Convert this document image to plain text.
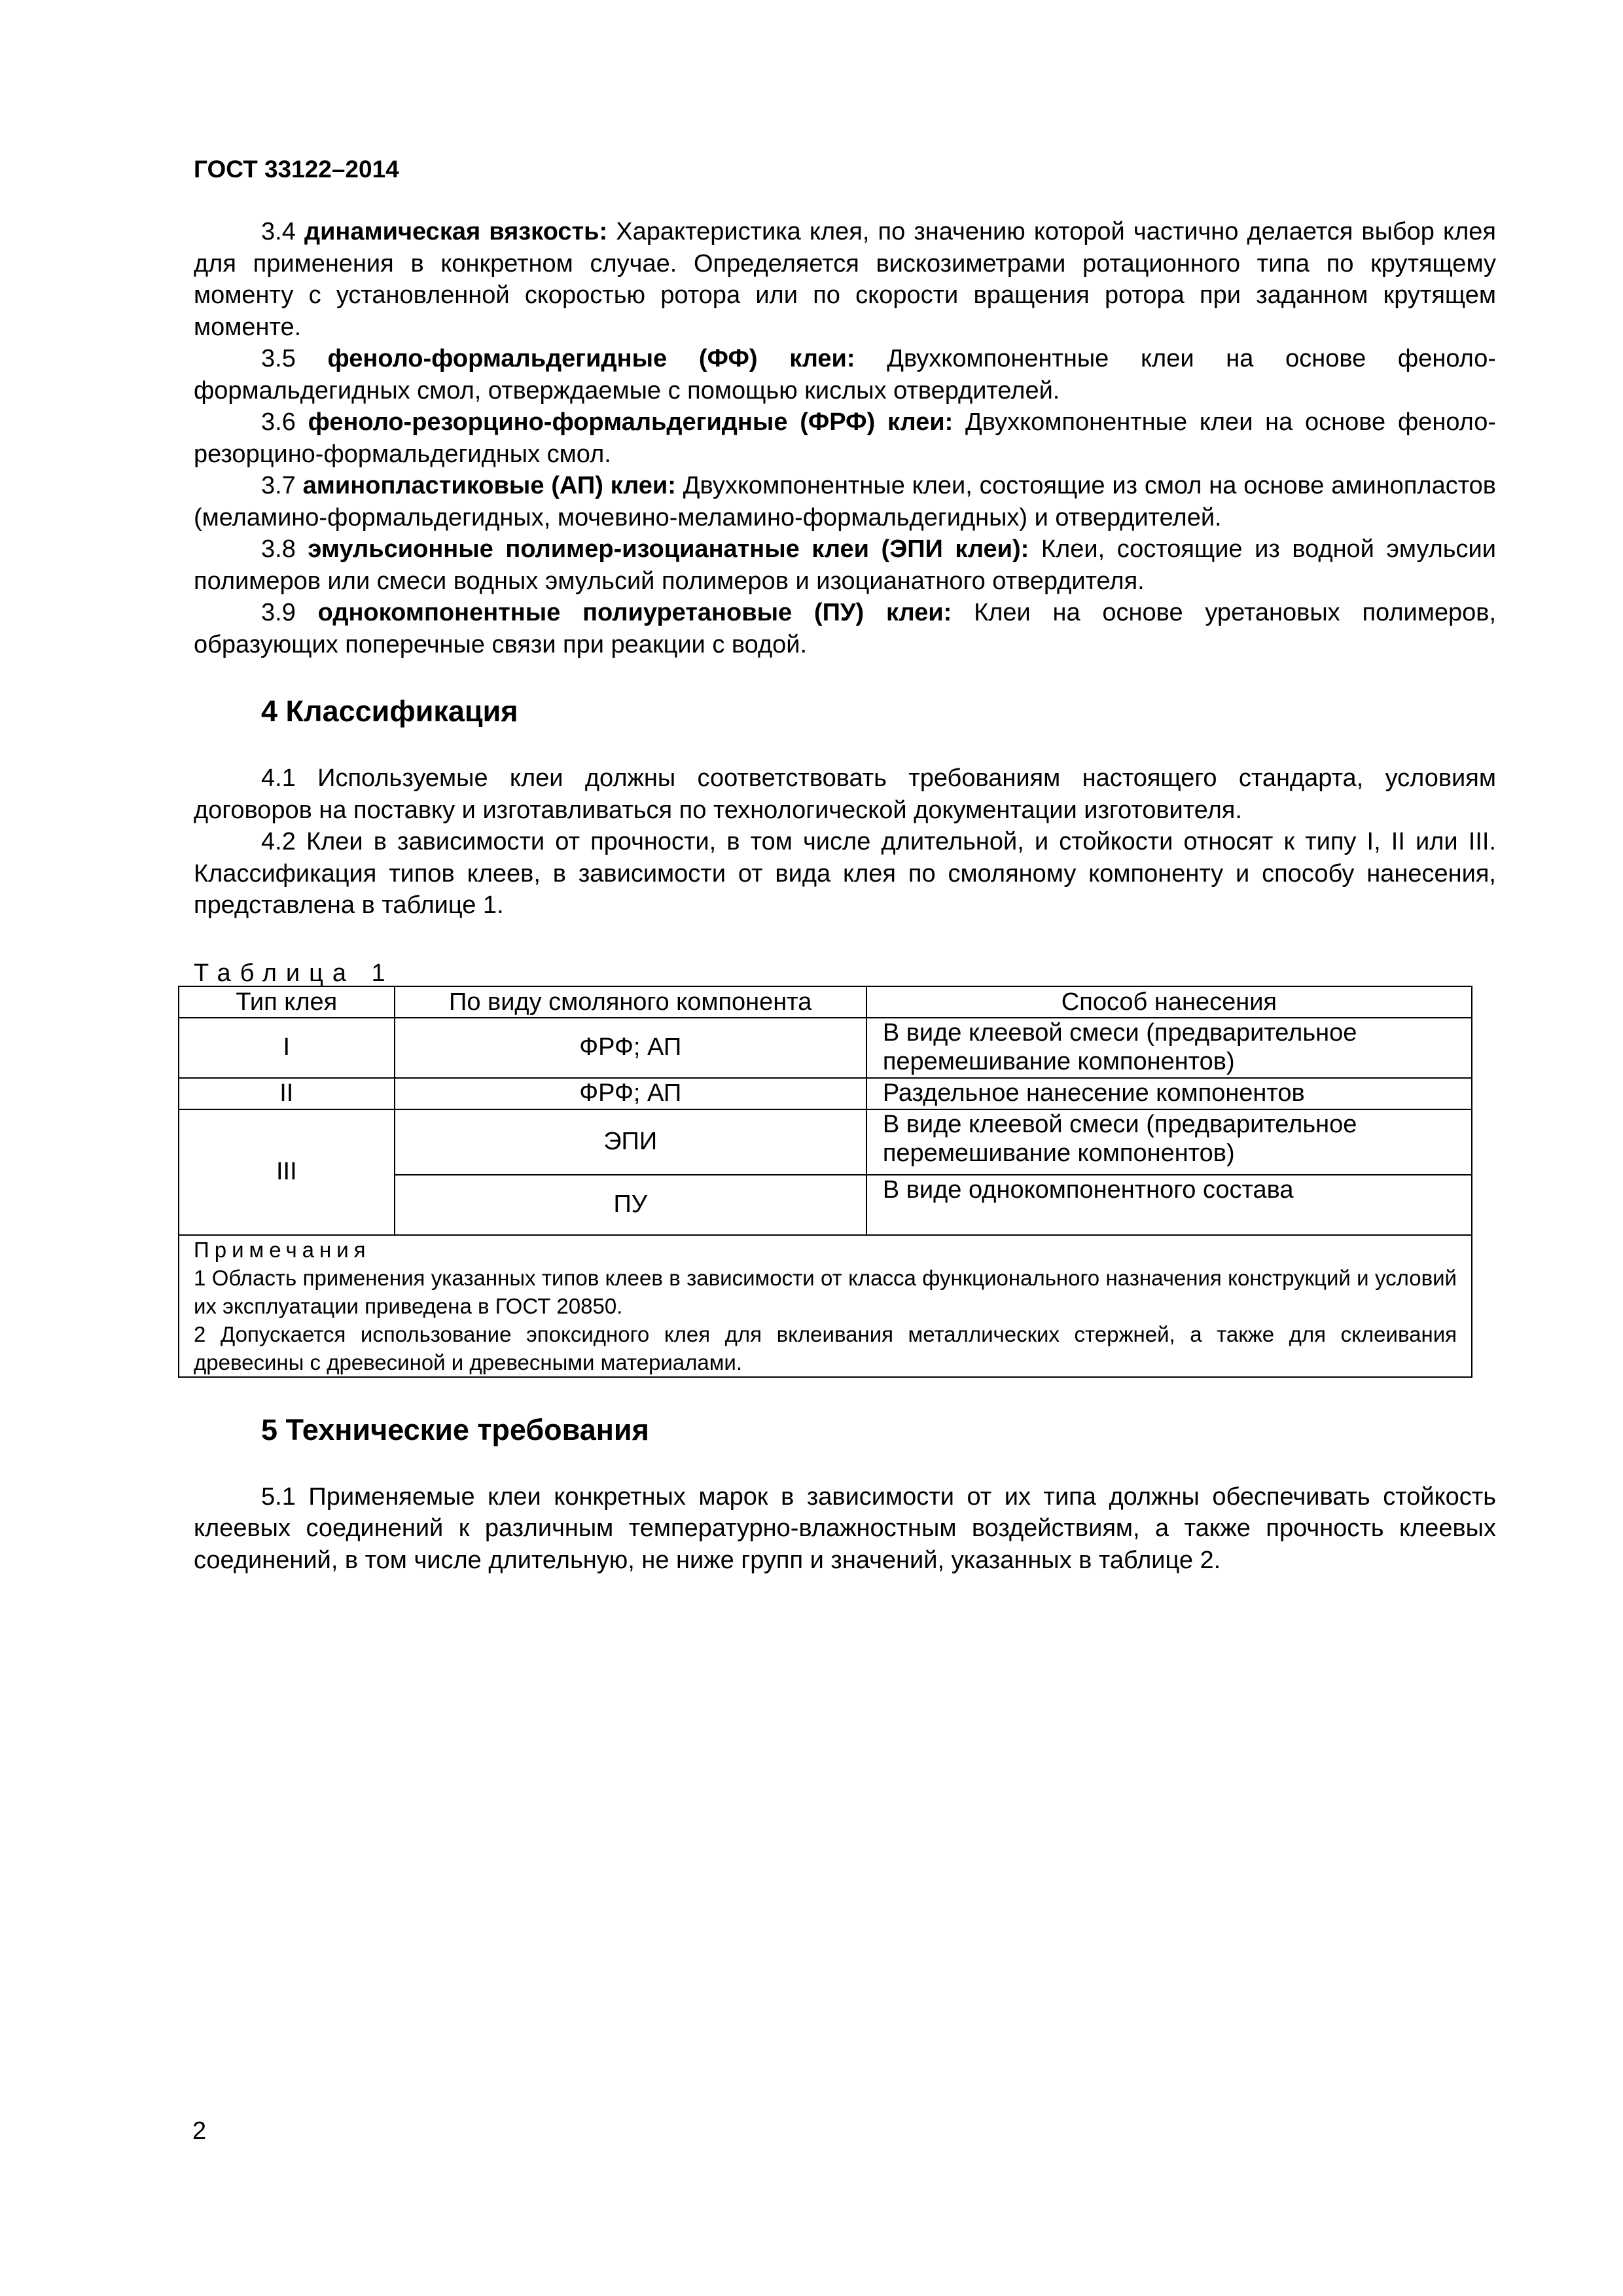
ГОСТ 33122–2014

3.4 динамическая вязкость: Характеристика клея, по значению которой частично делается выбор клея для применения в конкретном случае. Определяется вискозиметрами ротационного типа по крутящему моменту с установленной скоростью ротора или по скорости вращения ротора при заданном крутящем моменте.

3.5 феноло-формальдегидные (ФФ) клеи: Двухкомпонентные клеи на основе феноло-формальдегидных смол, отверждаемые с помощью кислых отвердителей.

3.6 феноло-резорцино-формальдегидные (ФРФ) клеи: Двухкомпонентные клеи на основе феноло- резорцино-формальдегидных смол.

3.7 аминопластиковые (АП) клеи: Двухкомпонентные клеи, состоящие из смол на основе аминопластов (меламино-формальдегидных, мочевино-меламино-формальдегидных) и отвердителей.

3.8 эмульсионные полимер-изоцианатные клеи (ЭПИ клеи): Клеи, состоящие из водной эмульсии полимеров или смеси водных эмульсий полимеров и изоцианатного отвердителя.

3.9 однокомпонентные полиуретановые (ПУ) клеи: Клеи на основе уретановых полимеров, образующих поперечные связи при реакции с водой.

4 Классификация

4.1 Используемые клеи должны соответствовать требованиям настоящего стандарта, условиям договоров на поставку и изготавливаться по технологической документации изготовителя.

4.2 Клеи в зависимости от прочности, в том числе длительной, и стойкости относят к типу I, II или III. Классификация типов клеев, в зависимости от вида клея по смоляному компоненту и способу нанесения, представлена в таблице 1.

Таблица 1
Тип клея	По виду смоляного компонента	Способ нанесения
I	ФРФ; АП	В виде клеевой смеси (предварительное перемешивание компонентов)
II	ФРФ; АП	Раздельное нанесение компонентов
III	ЭПИ	В виде клеевой смеси (предварительное перемешивание компонентов)
	ПУ	В виде однокомпонентного состава

Примечания
1 Область применения указанных типов клеев в зависимости от класса функционального назначения конструкций и условий их эксплуатации приведена в ГОСТ 20850.
2 Допускается использование эпоксидного клея для вклеивания металлических стержней, а также для склеивания древесины с древесиной и древесными материалами.		
5 Технические требования

5.1 Применяемые клеи конкретных марок в зависимости от их типа должны обеспечивать стойкость клеевых соединений к различным температурно-влажностным воздействиям, а также прочность клеевых соединений, в том числе длительную, не ниже групп и значений, указанных в таблице 2.

2
